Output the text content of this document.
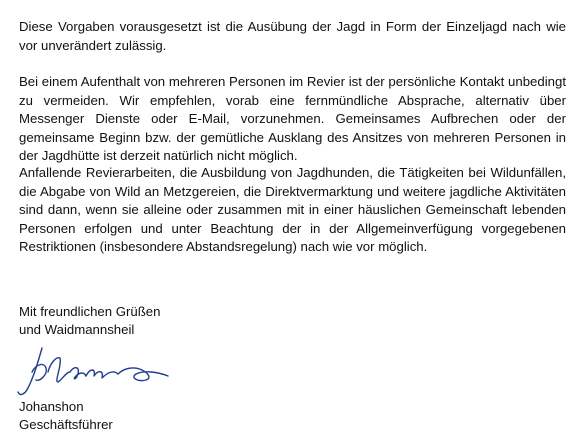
Diese Vorgaben vorausgesetzt ist die Ausübung der Jagd in Form der Einzeljagd nach wie vor unverändert zulässig.

Bei einem Aufenthalt von mehreren Personen im Revier ist der persönliche Kontakt unbedingt zu vermeiden. Wir empfehlen, vorab eine fernmündliche Absprache, alternativ über Messenger Dienste oder E-Mail, vorzunehmen. Gemeinsames Aufbrechen oder der gemeinsame Beginn bzw. der gemütliche Ausklang des Ansitzes von mehreren Personen in der Jagdhütte ist derzeit natürlich nicht möglich.

Anfallende Revierarbeiten, die Ausbildung von Jagdhunden, die Tätigkeiten bei Wildunfällen, die Abgabe von Wild an Metzgereien, die Direktvermarktung und weitere jagdliche Aktivitäten sind dann, wenn sie alleine oder zusammen mit in einer häuslichen Gemeinschaft lebenden Personen erfolgen und unter Beachtung der in der Allgemeinverfügung vorgegebenen Restriktionen (insbesondere Abstandsregelung) nach wie vor möglich.

Mit freundlichen Grüßen

und Waidmannsheil

Johanshon

Geschäftsführer
